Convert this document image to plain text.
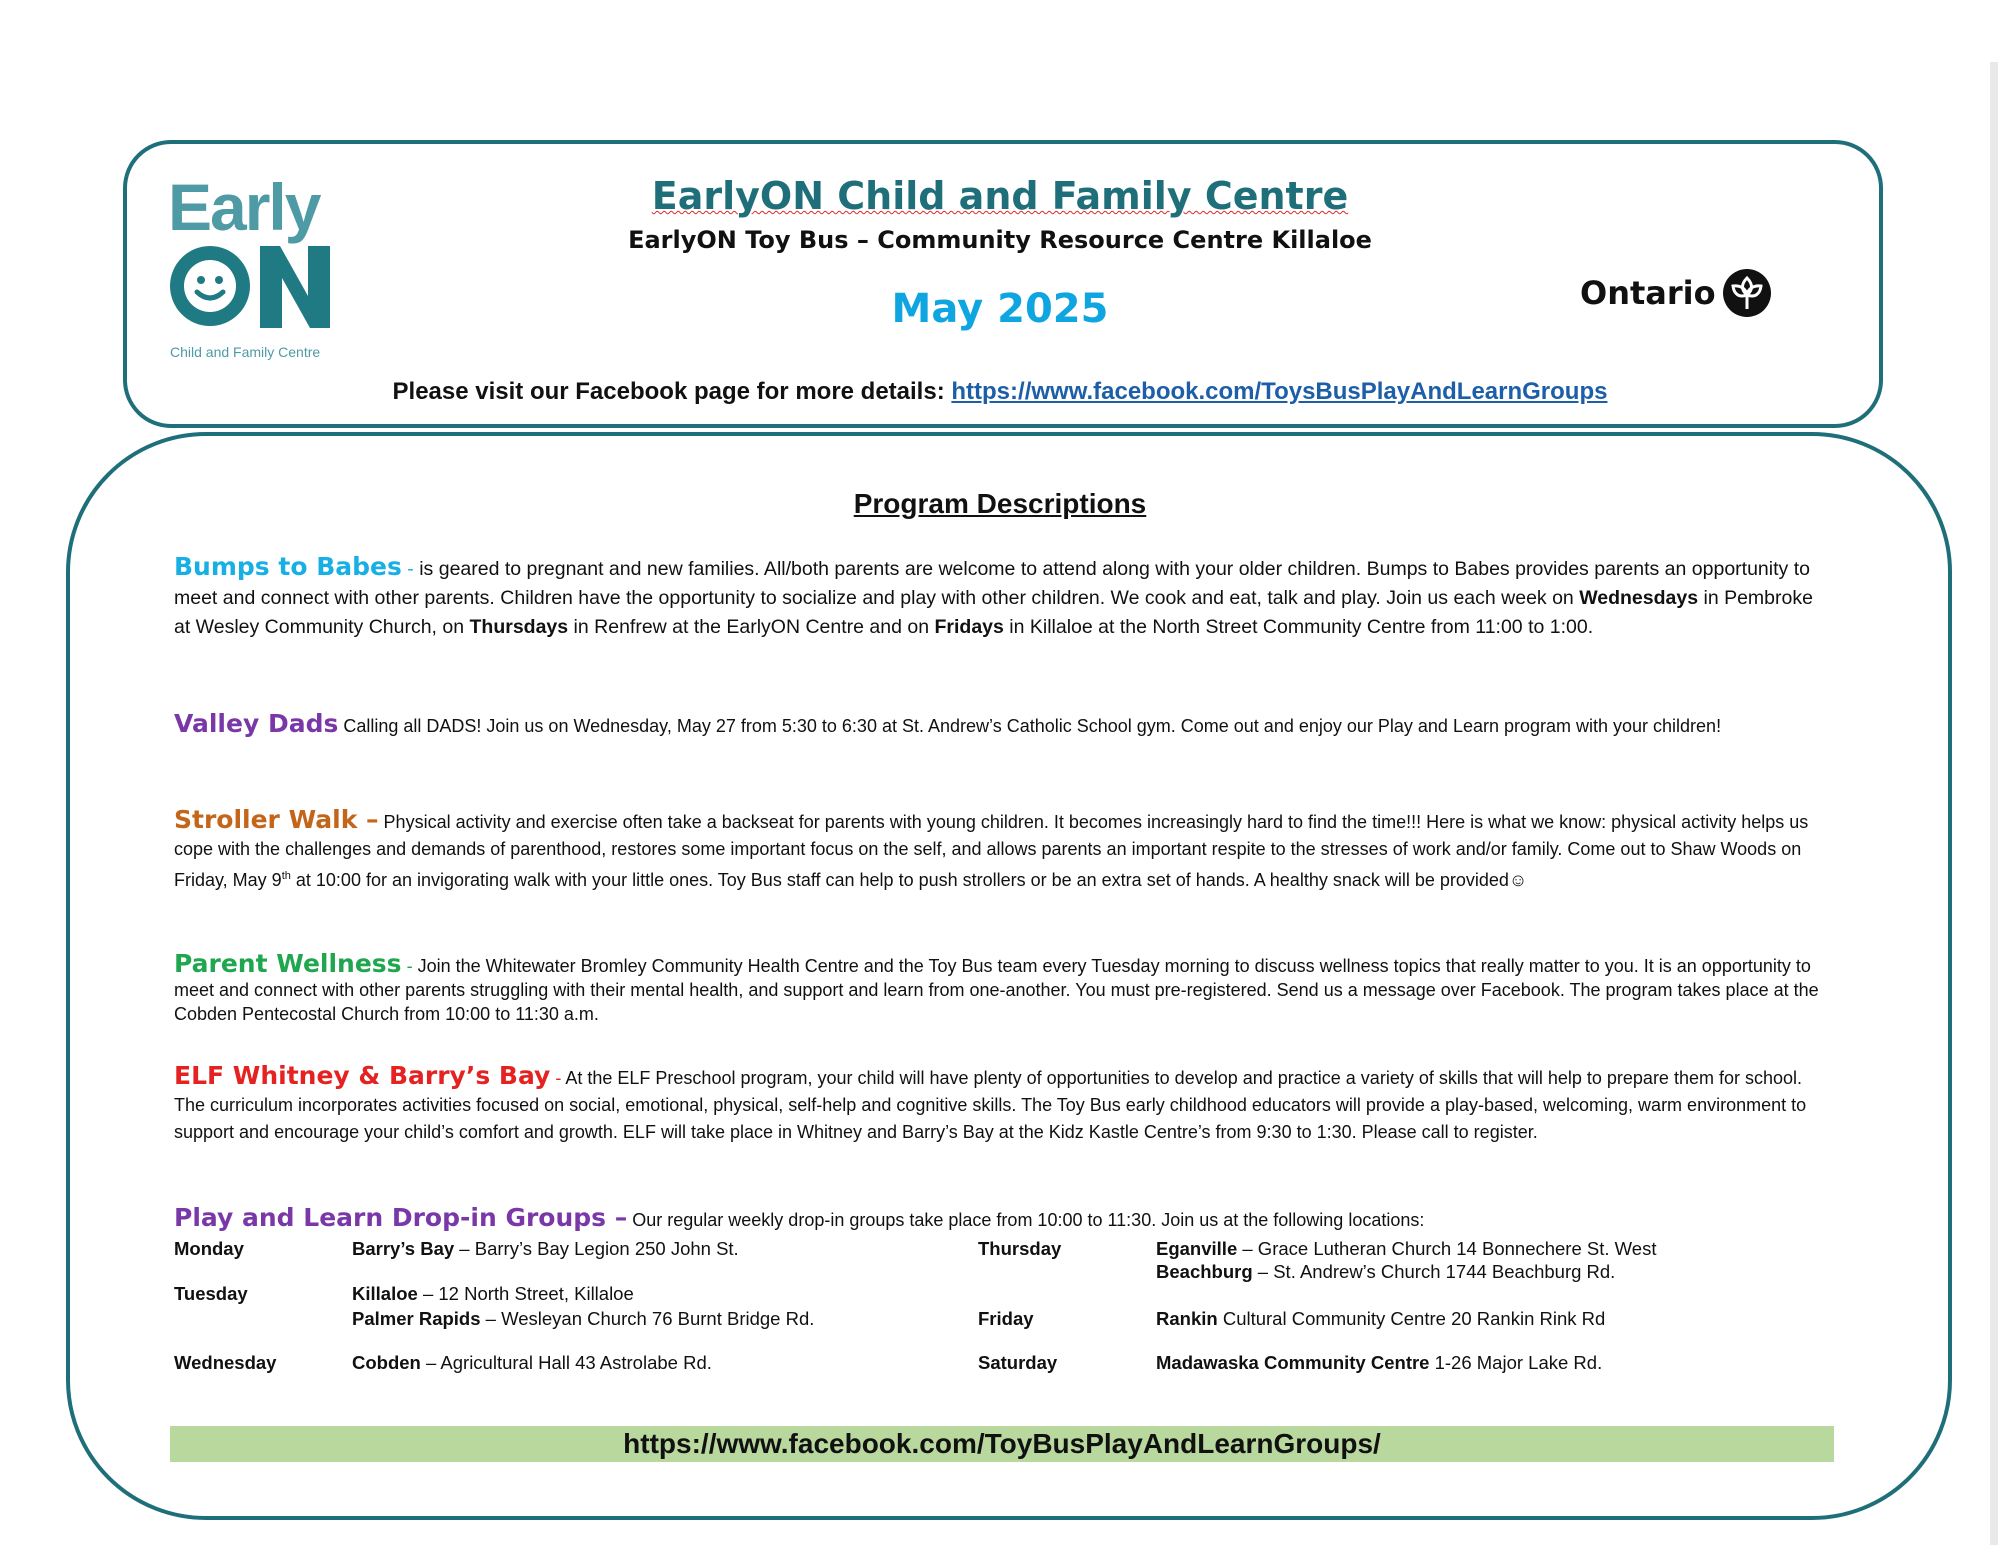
Early
Child and Family Centre
EarlyON Child and Family Centre
EarlyON Toy Bus – Community Resource Centre Killaloe
May 2025	Ontario
Please visit our Facebook page for more details: https://www.facebook.com/ToysBusPlayAndLearnGroups
Program Descriptions
Bumps to Babes - is geared to pregnant and new families. All/both parents are welcome to attend along with your older children. Bumps to Babes provides parents an opportunity to meet and connect with other parents. Children have the opportunity to socialize and play with other children. We cook and eat, talk and play. Join us each week on Wednesdays in Pembroke at Wesley Community Church, on Thursdays in Renfrew at the EarlyON Centre and on Fridays in Killaloe at the North Street Community Centre from 11:00 to 1:00.
Valley Dads Calling all DADS! Join us on Wednesday, May 27 from 5:30 to 6:30 at St. Andrew’s Catholic School gym. Come out and enjoy our Play and Learn program with your children!
Stroller Walk – Physical activity and exercise often take a backseat for parents with young children. It becomes increasingly hard to find the time!!! Here is what we know: physical activity helps us cope with the challenges and demands of parenthood, restores some important focus on the self, and allows parents an important respite to the stresses of work and/or family. Come out to Shaw Woods on Friday, May 9th at 10:00 for an invigorating walk with your little ones. Toy Bus staff can help to push strollers or be an extra set of hands. A healthy snack will be provided☺
Parent Wellness - Join the Whitewater Bromley Community Health Centre and the Toy Bus team every Tuesday morning to discuss wellness topics that really matter to you. It is an opportunity to meet and connect with other parents struggling with their mental health, and support and learn from one-another. You must pre-registered. Send us a message over Facebook. The program takes place at the Cobden Pentecostal Church from 10:00 to 11:30 a.m.
ELF Whitney & Barry’s Bay - At the ELF Preschool program, your child will have plenty of opportunities to develop and practice a variety of skills that will help to prepare them for school. The curriculum incorporates activities focused on social, emotional, physical, self-help and cognitive skills. The Toy Bus early childhood educators will provide a play-based, welcoming, warm environment to support and encourage your child’s comfort and growth. ELF will take place in Whitney and Barry’s Bay at the Kidz Kastle Centre’s from 9:30 to 1:30. Please call to register.
Play and Learn Drop-in Groups – Our regular weekly drop-in groups take place from 10:00 to 11:30. Join us at the following locations:
Monday	Barry’s Bay – Barry’s Bay Legion 250 John St.
Tuesday	Killaloe – 12 North Street, Killaloe
Palmer Rapids – Wesleyan Church 76 Burnt Bridge Rd.
Wednesday	Cobden – Agricultural Hall 43 Astrolabe Rd.
Thursday	Eganville – Grace Lutheran Church 14 Bonnechere St. West
Beachburg – St. Andrew’s Church 1744 Beachburg Rd.
Friday	Rankin Cultural Community Centre 20 Rankin Rink Rd
Saturday	Madawaska Community Centre 1-26 Major Lake Rd.
https://www.facebook.com/ToyBusPlayAndLearnGroups/
